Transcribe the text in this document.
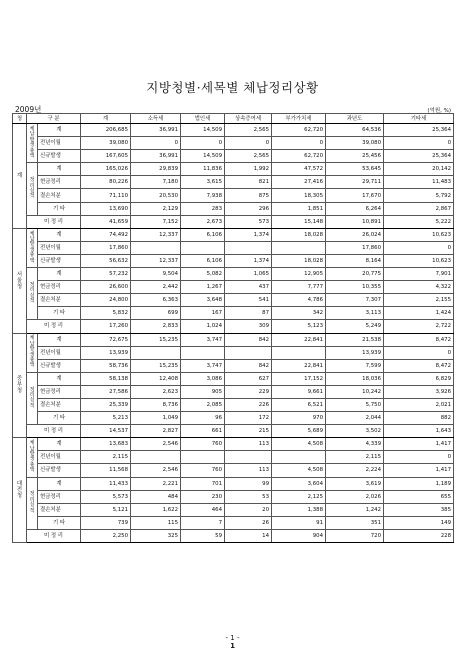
지방청별·세목별 체납정리상황
2009년	(억원, %)
청	구 분		계	소득세	법인세	상속증여세	부가가치세	과년도	기타세
계	체납발생총액	계	206,685	36,991	14,509	2,565	62,720	64,536	25,364
		전년이월	39,080	0	0	0	0	39,080	0
		신규발생	167,605	36,991	14,509	2,565	62,720	25,456	25,364
	정리실적	계	165,026	29,839	11,836	1,992	47,572	53,645	20,142
		현금정리	80,226	7,180	3,615	821	27,416	29,711	11,483
		결손처분	71,110	20,530	7,938	875	18,305	17,670	5,792
		기 타	13,690	2,129	283	296	1,851	6,264	2,867
	미 정 리		41,659	7,152	2,673	573	15,148	10,891	5,222
서울청	체납발생총액	계	74,492	12,337	6,106	1,374	18,028	26,024	10,623
		전년이월	17,860					17,860	0
		신규발생	56,632	12,337	6,106	1,374	18,028	8,164	10,623
	정리실적	계	57,232	9,504	5,082	1,065	12,905	20,775	7,901
		현금정리	26,600	2,442	1,267	437	7,777	10,355	4,322
		결손처분	24,800	6,363	3,648	541	4,786	7,307	2,155
		기 타	5,832	699	167	87	342	3,113	1,424
	미 정 리		17,260	2,833	1,024	309	5,123	5,249	2,722
중부청	체납발생총액	계	72,675	15,235	3,747	842	22,841	21,538	8,472
		전년이월	13,939					13,939	0
		신규발생	58,736	15,235	3,747	842	22,841	7,599	8,472
	정리실적	계	58,138	12,408	3,086	627	17,152	18,036	6,829
		현금정리	27,586	2,623	905	229	9,661	10,242	3,926
		결손처분	25,339	8,736	2,085	226	6,521	5,750	2,021
		기 타	5,213	1,049	96	172	970	2,044	882
	미 정 리		14,537	2,827	661	215	5,689	3,502	1,643
대전청	체납발생총액	계	13,683	2,546	760	113	4,508	4,339	1,417
		전년이월	2,115					2,115	0
		신규발생	11,568	2,546	760	113	4,508	2,224	1,417
	정리실적	계	11,433	2,221	701	99	3,604	3,619	1,189
		현금정리	5,573	484	230	53	2,125	2,026	655
		결손처분	5,121	1,622	464	20	1,388	1,242	385
		기 타	739	115	7	26	91	351	149
	미 정 리		2,250	325	59	14	904	720	228
- 1 -
1
